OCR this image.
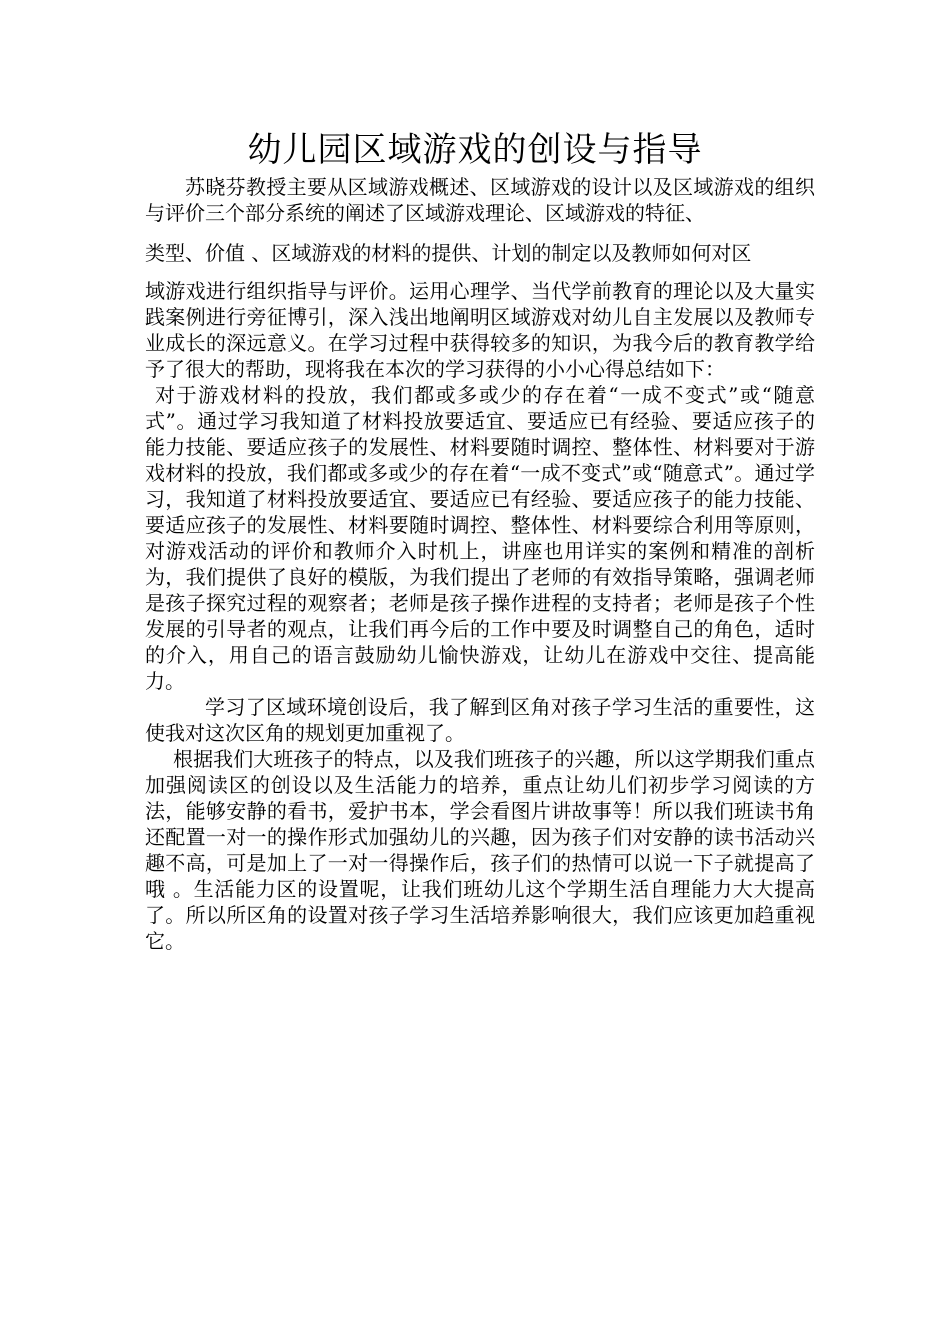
幼儿园区域游戏的创设与指导

苏晓芬教授主要从区域游戏概述、区域游戏的设计以及区域游戏的组织与评价三个部分系统的阐述了区域游戏理论、区域游戏的特征、

类型、价值 、区域游戏的材料的提供、计划的制定以及教师如何对区

域游戏进行组织指导与评价。运用心理学、当代学前教育的理论以及大量实践案例进行旁征博引，深入浅出地阐明区域游戏对幼儿自主发展以及教师专业成长的深远意义。在学习过程中获得较多的知识，为我今后的教育教学给予了很大的帮助，现将我在本次的学习获得的小小心得总结如下：

对于游戏材料的投放，我们都或多或少的存在着“一成不变式”或“随意式”。通过学习我知道了材料投放要适宜、要适应已有经验、要适应孩子的能力技能、要适应孩子的发展性、材料要随时调控、整体性、材料要对于游戏材料的投放，我们都或多或少的存在着“一成不变式”或“随意式”。通过学习，我知道了材料投放要适宜、要适应已有经验、要适应孩子的能力技能、要适应孩子的发展性、材料要随时调控、整体性、材料要综合利用等原则，对游戏活动的评价和教师介入时机上，讲座也用详实的案例和精准的剖析为，我们提供了良好的模版，为我们提出了老师的有效指导策略，强调老师是孩子探究过程的观察者；老师是孩子操作进程的支持者；老师是孩子个性发展的引导者的观点，让我们再今后的工作中要及时调整自己的角色，适时的介入，用自己的语言鼓励幼儿愉快游戏，让幼儿在游戏中交往、提高能力。

学习了区域环境创设后，我了解到区角对孩子学习生活的重要性，这使我对这次区角的规划更加重视了。

根据我们大班孩子的特点，以及我们班孩子的兴趣，所以这学期我们重点加强阅读区的创设以及生活能力的培养，重点让幼儿们初步学习阅读的方法，能够安静的看书，爱护书本，学会看图片讲故事等！所以我们班读书角还配置一对一的操作形式加强幼儿的兴趣，因为孩子们对安静的读书活动兴趣不高，可是加上了一对一得操作后，孩子们的热情可以说一下子就提高了哦 。生活能力区的设置呢，让我们班幼儿这个学期生活自理能力大大提高了。所以所区角的设置对孩子学习生活培养影响很大，我们应该更加趋重视它。
